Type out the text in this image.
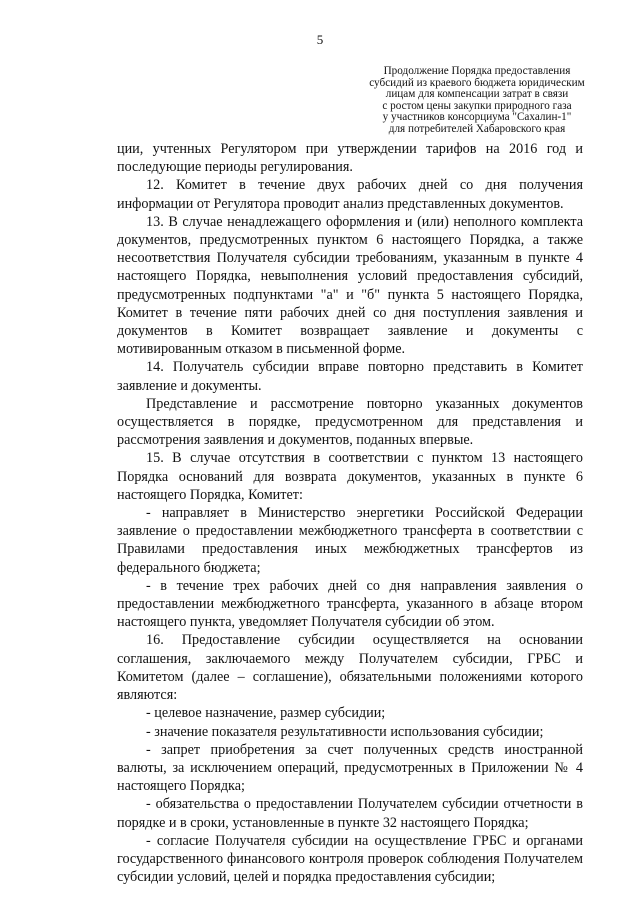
5
Продолжение Порядка предоставления
субсидий из краевого бюджета юридическим
лицам для компенсации затрат в связи
с ростом цены закупки природного газа
у участников консорциума "Сахалин-1"
для потребителей Хабаровского края

ции, учтенных Регулятором при утверждении тарифов на 2016 год и последующие периоды регулирования.

12. Комитет в течение двух рабочих дней со дня получения информации от Регулятора проводит анализ представленных документов.

13. В случае ненадлежащего оформления и (или) неполного комплекта документов, предусмотренных пунктом 6 настоящего Порядка, а также несоответствия Получателя субсидии требованиям, указанным в пункте 4 настоящего Порядка, невыполнения условий предоставления субсидий, предусмотренных подпунктами "а" и "б" пункта 5 настоящего Порядка, Комитет в течение пяти рабочих дней со дня поступления заявления и документов в Комитет возвращает заявление и документы с мотивированным отказом в письменной форме.

14. Получатель субсидии вправе повторно представить в Комитет заявление и документы.

Представление и рассмотрение повторно указанных документов осуществляется в порядке, предусмотренном для представления и рассмотрения заявления и документов, поданных впервые.

15. В случае отсутствия в соответствии с пунктом 13 настоящего Порядка оснований для возврата документов, указанных в пункте 6 настоящего Порядка, Комитет:

- направляет в Министерство энергетики Российской Федерации заявление о предоставлении межбюджетного трансферта в соответствии с Правилами предоставления иных межбюджетных трансфертов из федерального бюджета;

- в течение трех рабочих дней со дня направления заявления о предоставлении межбюджетного трансферта, указанного в абзаце втором настоящего пункта, уведомляет Получателя субсидии об этом.

16. Предоставление субсидии осуществляется на основании соглашения, заключаемого между Получателем субсидии, ГРБС и Комитетом (далее – соглашение), обязательными положениями которого являются:

- целевое назначение, размер субсидии;

- значение показателя результативности использования субсидии;

- запрет приобретения за счет полученных средств иностранной валюты, за исключением операций, предусмотренных в Приложении № 4 настоящего Порядка;

- обязательства о предоставлении Получателем субсидии отчетности в порядке и в сроки, установленные в пункте 32 настоящего Порядка;

- согласие Получателя субсидии на осуществление ГРБС и органами государственного финансового контроля проверок соблюдения Получателем субсидии условий, целей и порядка предоставления субсидии;
